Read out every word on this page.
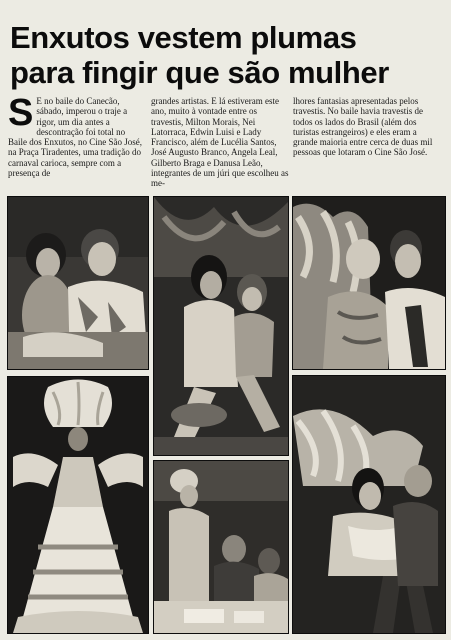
Enxutos vestem plumas
para fingir que são mulher
S E no baile do Canecão, sábado, imperou o traje a rigor, um dia antes a descontração foi total no Baile dos Enxutos, no Cine São José, na Praça Tiradentes, uma tradição do carnaval carioca, sempre com a presença de
grandes artistas. E lá estiveram este ano, muito à vontade entre os travestis, Milton Morais, Nei Latorraca, Edwin Luisi e Lady Francisco, além de Lucélia Santos, José Augusto Branco, Angela Leal, Gilberto Braga e Danusa Leão, integrantes de um júri que escolheu as me-
lhores fantasias apresentadas pelos travestis. No baile havia travestis de todos os lados do Brasil (além dos turistas estrangeiros) e eles eram a grande maioria entre cerca de duas mil pessoas que lotaram o Cine São José.
